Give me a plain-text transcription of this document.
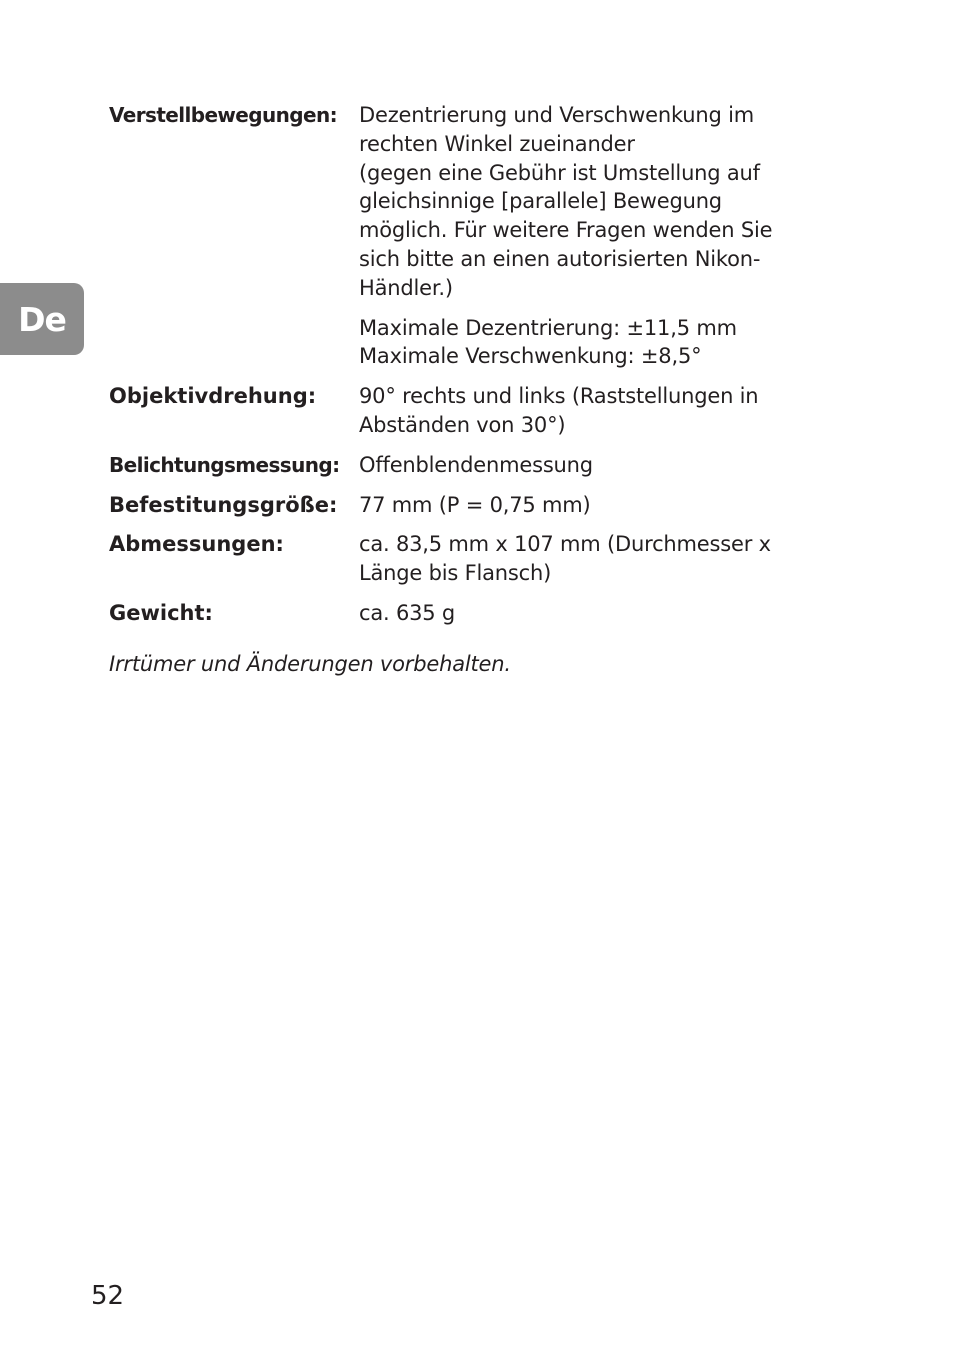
De
Verstellbewegungen:	Dezentrierung und Verschwenkung im
rechten Winkel zueinander
(gegen eine Gebühr ist Umstellung auf
gleichsinnige [parallele] Bewegung
möglich. Für weitere Fragen wenden Sie
sich bitte an einen autorisierten Nikon-
Händler.)
Maximale Dezentrierung: ±11,5 mm
Maximale Verschwenkung: ±8,5°
Objektivdrehung:	90° rechts und links (Raststellungen in
Abständen von 30°)
Belichtungsmessung: Offenblendenmessung
Befestitungsgröße:	77 mm (P = 0,75 mm)
Abmessungen:	ca. 83,5 mm x 107 mm (Durchmesser x
Länge bis Flansch)
Gewicht:	ca. 635 g
Irrtümer und Änderungen vorbehalten.
52
